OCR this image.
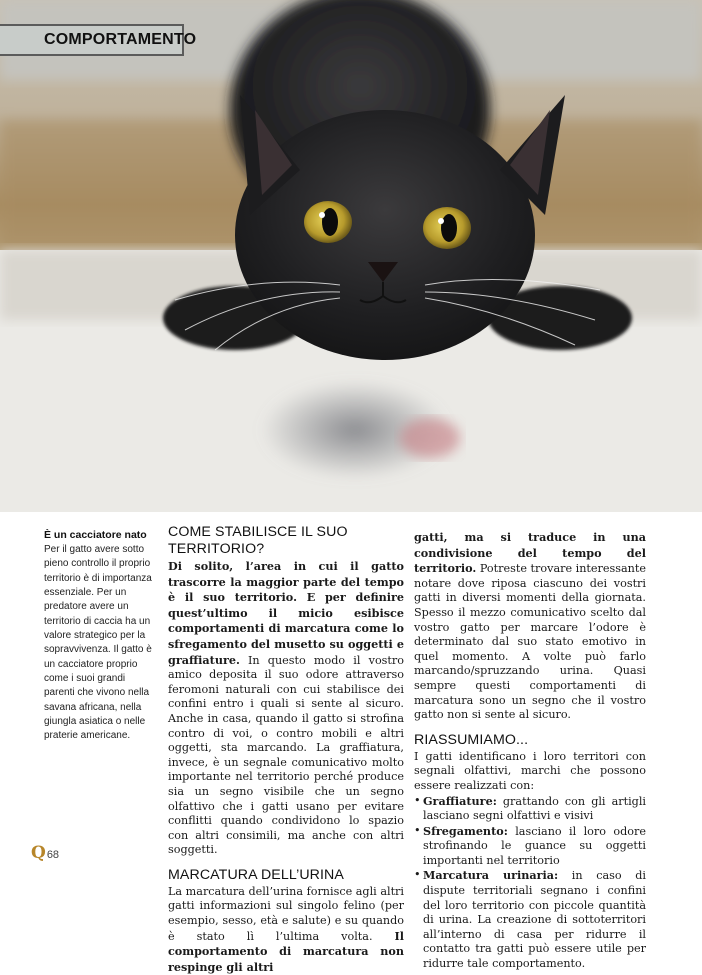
COMPORTAMENTO
È un cacciatore nato

Per il gatto avere sotto pieno controllo il proprio territorio è di importanza essenziale. Per un predatore avere un territorio di caccia ha un valore strategico per la sopravvivenza. Il gatto è un cacciatore proprio come i suoi grandi parenti che vivono nella savana africana, nella giungla asiatica o nelle praterie americane.

COME STABILISCE IL SUO TERRITORIO?

Di solito, l’area in cui il gatto trascorre la maggior parte del tempo è il suo territorio. E per definire quest’ultimo il micio esibisce comportamenti di marcatura come lo sfregamento del musetto su oggetti e graffiature. In questo modo il vostro amico deposita il suo odore attraverso feromoni naturali con cui stabilisce dei confini entro i quali si sente al sicuro. Anche in casa, quando il gatto si strofina contro di voi, o contro mobili e altri oggetti, sta marcando. La graffiatura, invece, è un segnale comunicativo molto importante nel territorio perché produce sia un segno visibile che un segno olfattivo che i gatti usano per evitare conflitti quando condividono lo spazio con altri consimili, ma anche con altri soggetti.

MARCATURA DELL’URINA

La marcatura dell’urina fornisce agli altri gatti informazioni sul singolo felino (per esempio, sesso, età e salute) e su quando è stato lì l’ultima volta. Il comportamento di marcatura non respinge gli altri

gatti, ma si traduce in una condivisione del tempo del territorio. Potreste trovare interessante notare dove riposa ciascuno dei vostri gatti in diversi momenti della giornata. Spesso il mezzo comunicativo scelto dal vostro gatto per marcare l’odore è determinato dal suo stato emotivo in quel momento. A volte può farlo marcando/spruzzando urina. Quasi sempre questi comportamenti di marcatura sono un segno che il vostro gatto non si sente al sicuro.

RIASSUMIAMO...

I gatti identificano i loro territori con segnali olfattivi, marchi che possono essere realizzati con:

• Graffiature: grattando con gli artigli lasciano segni olfattivi e visivi
• Sfregamento: lasciano il loro odore strofinando le guance su oggetti importanti nel territorio
• Marcatura urinaria: in caso di dispute territoriali segnano i confini del loro territorio con piccole quantità di urina. La creazione di sottoterritori all’interno di casa per ridurre il contatto tra gatti può essere utile per ridurre tale comportamento.
Q 68
